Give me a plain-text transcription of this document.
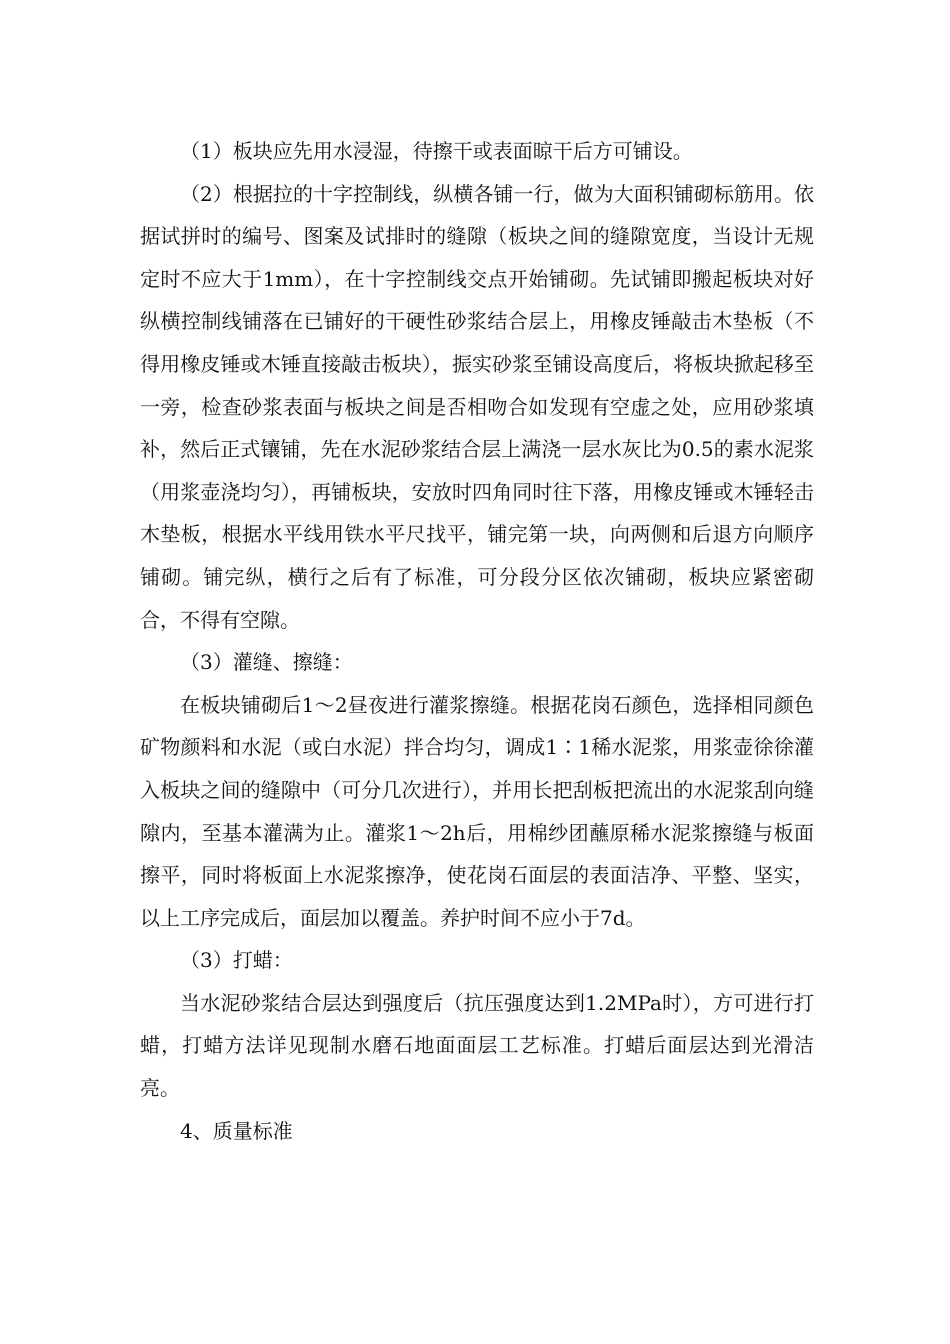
（1）板块应先用水浸湿，待擦干或表面晾干后方可铺设。

（2）根据拉的十字控制线，纵横各铺一行，做为大面积铺砌标筋用。依据试拼时的编号、图案及试排时的缝隙（板块之间的缝隙宽度，当设计无规定时不应大于1mm），在十字控制线交点开始铺砌。先试铺即搬起板块对好纵横控制线铺落在已铺好的干硬性砂浆结合层上，用橡皮锤敲击木垫板（不得用橡皮锤或木锤直接敲击板块），振实砂浆至铺设高度后，将板块掀起移至一旁，检查砂浆表面与板块之间是否相吻合如发现有空虚之处，应用砂浆填补，然后正式镶铺，先在水泥砂浆结合层上满浇一层水灰比为0.5的素水泥浆（用浆壶浇均匀），再铺板块，安放时四角同时往下落，用橡皮锤或木锤轻击木垫板，根据水平线用铁水平尺找平，铺完第一块，向两侧和后退方向顺序铺砌。铺完纵，横行之后有了标准，可分段分区依次铺砌，板块应紧密砌合，不得有空隙。

（3）灌缝、擦缝：

在板块铺砌后1～2昼夜进行灌浆擦缝。根据花岗石颜色，选择相同颜色矿物颜料和水泥（或白水泥）拌合均匀，调成1∶1稀水泥浆，用浆壶徐徐灌入板块之间的缝隙中（可分几次进行），并用长把刮板把流出的水泥浆刮向缝隙内，至基本灌满为止。灌浆1～2h后，用棉纱团蘸原稀水泥浆擦缝与板面擦平，同时将板面上水泥浆擦净，使花岗石面层的表面洁净、平整、坚实，以上工序完成后，面层加以覆盖。养护时间不应小于7d。

（3）打蜡：

当水泥砂浆结合层达到强度后（抗压强度达到1.2MPa时），方可进行打蜡，打蜡方法详见现制水磨石地面面层工艺标准。打蜡后面层达到光滑洁亮。

4、质量标准
